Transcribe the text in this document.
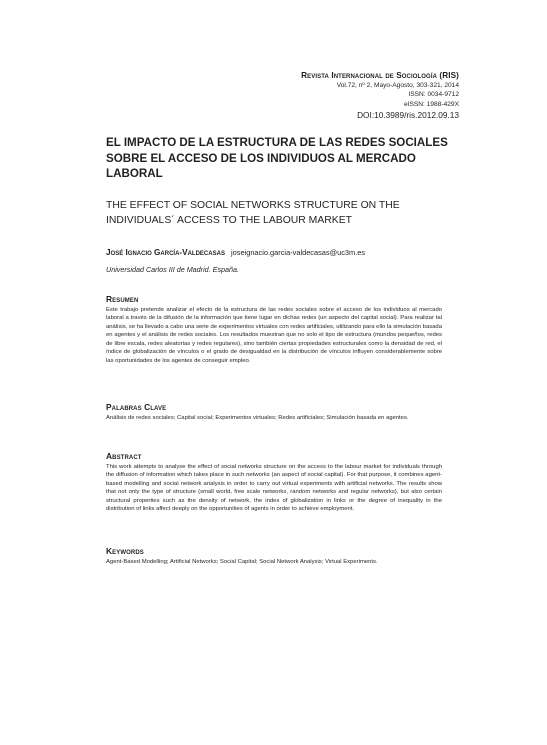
Revista Internacional de Sociología (RIS)
Vol.72, nº 2, Mayo-Agosto, 303-321, 2014
ISSN: 0034-9712
eISSN: 1988-429X
DOI:10.3989/ris.2012.09.13
EL IMPACTO DE LA ESTRUCTURA DE LAS REDES SOCIALES SOBRE EL ACCESO DE LOS INDIVIDUOS AL MERCADO LABORAL
THE EFFECT OF SOCIAL NETWORKS STRUCTURE ON THE INDIVIDUALS´ ACCESS TO THE LABOUR MARKET
José Ignacio García-Valdecasas joseignacio.garcia-valdecasas@uc3m.es
Universidad Carlos III de Madrid. España.
Resumen

Este trabajo pretende analizar el efecto de la estructura de las redes sociales sobre el acceso de los individuos al mercado laboral a través de la difusión de la información que tiene lugar en dichas redes (un aspecto del capital social). Para realizar tal análisis, se ha llevado a cabo una serie de experimentos virtuales con redes artificiales, utilizando para ello la simulación basada en agentes y el análisis de redes sociales. Los resultados muestran que no solo el tipo de estructura (mundos pequeños, redes de libre escala, redes aleatorias y redes regulares), sino también ciertas propiedades estructurales como la densidad de red, el índice de globalización de vínculos o el grado de desigualdad en la distribución de vínculos influyen considerablemente sobre las oportunidades de los agentes de conseguir empleo.

Palabras Clave

Análisis de redes sociales; Capital social; Experimentos virtuales; Redes artificiales; Simulación basada en agentes.

Abstract

This work attempts to analyse the effect of social networks structure on the access to the labour market for individuals through the diffusion of information which takes place in such networks (an aspect of social capital). For that purpose, it combines agent-based modelling and social network analysis in order to carry out virtual experiments with artificial networks. The results show that not only the type of structure (small world, free scale networks, random networks and regular networks), but also certain structural properties such as the density of network, the index of globalization in links or the degree of inequality in the distribution of links affect deeply on the opportunities of agents in order to achieve employment.

Keywords

Agent-Based Modelling; Artificial Networks; Social Capital; Social Network Analysis; Virtual Experiments.
